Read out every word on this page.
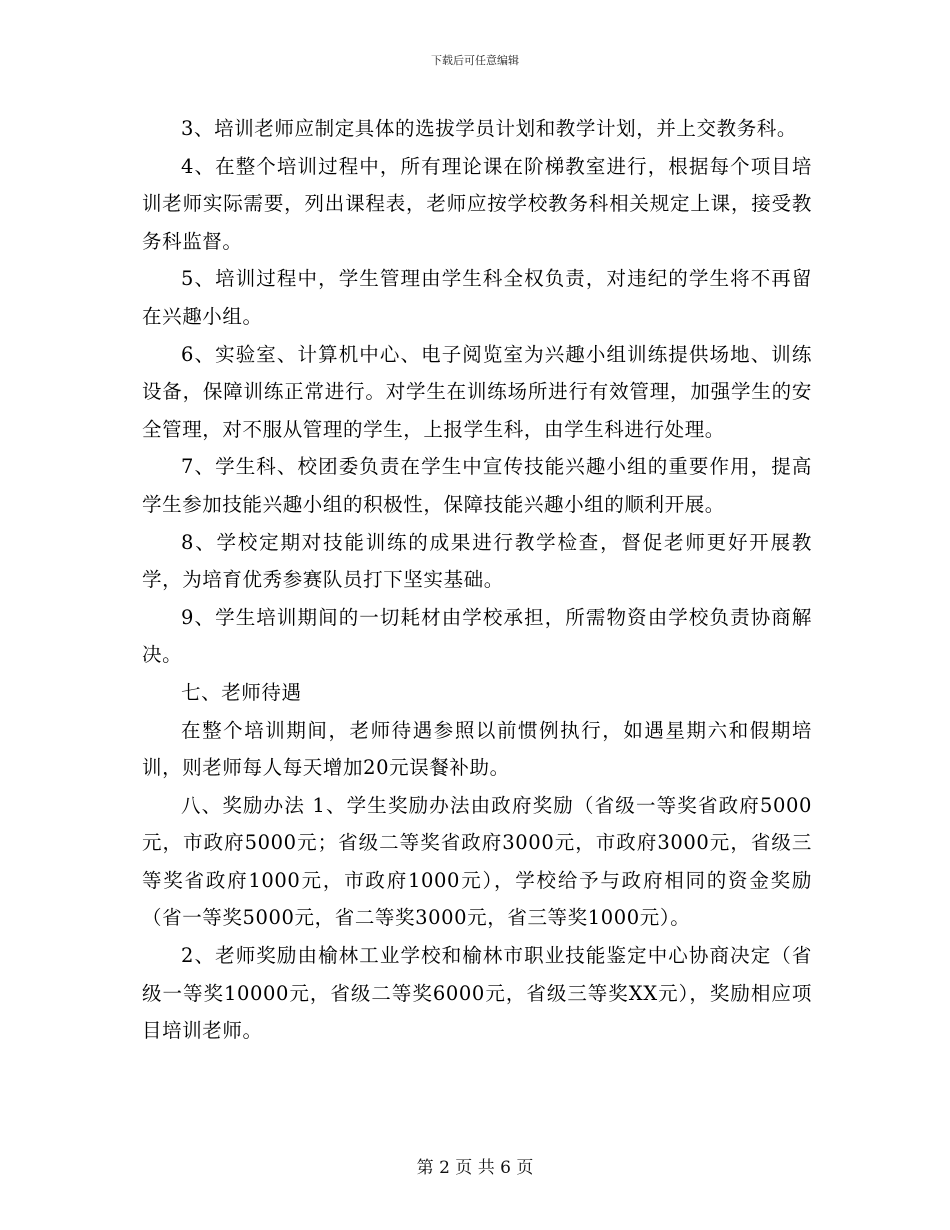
下载后可任意编辑

3、培训老师应制定具体的选拔学员计划和教学计划，并上交教务科。

4、在整个培训过程中，所有理论课在阶梯教室进行，根据每个项目培训老师实际需要，列出课程表，老师应按学校教务科相关规定上课，接受教务科监督。

5、培训过程中，学生管理由学生科全权负责，对违纪的学生将不再留在兴趣小组。

6、实验室、计算机中心、电子阅览室为兴趣小组训练提供场地、训练设备，保障训练正常进行。对学生在训练场所进行有效管理，加强学生的安全管理，对不服从管理的学生，上报学生科，由学生科进行处理。

7、学生科、校团委负责在学生中宣传技能兴趣小组的重要作用，提高学生参加技能兴趣小组的积极性，保障技能兴趣小组的顺利开展。

8、学校定期对技能训练的成果进行教学检查，督促老师更好开展教学，为培育优秀参赛队员打下坚实基础。

9、学生培训期间的一切耗材由学校承担，所需物资由学校负责协商解决。

七、老师待遇

在整个培训期间，老师待遇参照以前惯例执行，如遇星期六和假期培训，则老师每人每天增加20元误餐补助。

八、奖励办法 1、学生奖励办法由政府奖励（省级一等奖省政府5000元，市政府5000元；省级二等奖省政府3000元，市政府3000元，省级三等奖省政府1000元，市政府1000元），学校给予与政府相同的资金奖励（省一等奖5000元，省二等奖3000元，省三等奖1000元）。

2、老师奖励由榆林工业学校和榆林市职业技能鉴定中心协商决定（省级一等奖10000元，省级二等奖6000元，省级三等奖XX元），奖励相应项目培训老师。

第 2 页 共 6 页
